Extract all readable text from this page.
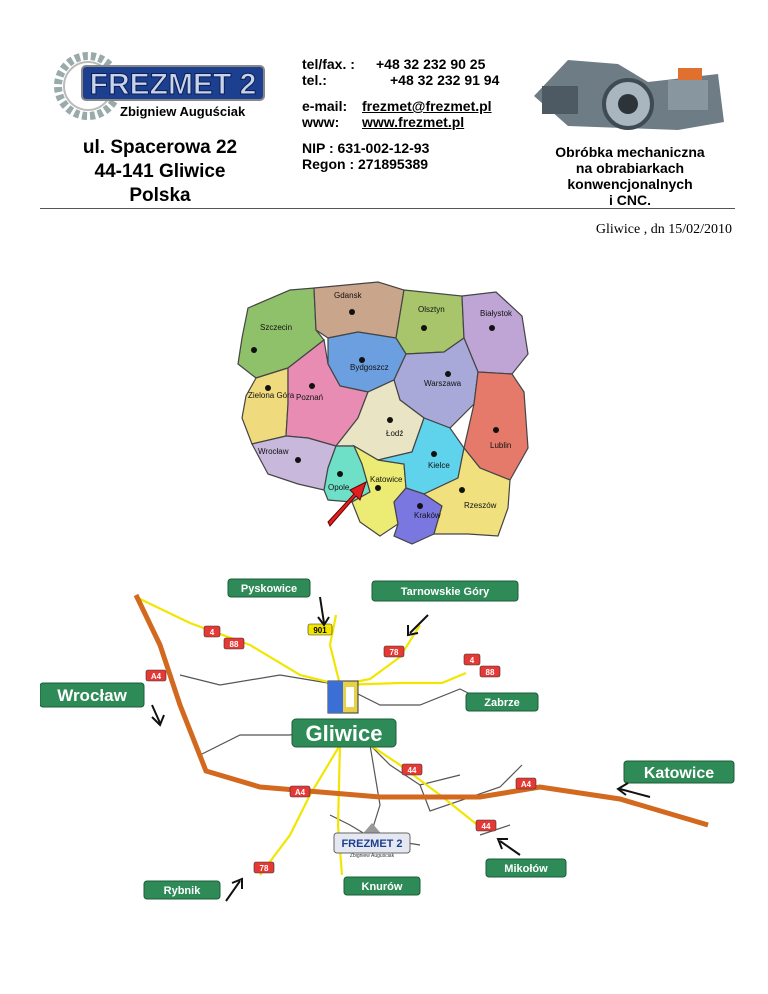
FREZMET 2
Zbigniew Auguściak
ul. Spacerowa 22
44-141 Gliwice
Polska
tel/fax. : +48 32 232 90 25
tel.:	+48 32 232 91 94
e-mail: frezmet@frezmet.pl
www: www.frezmet.pl
NIP : 631-002-12-93
Regon : 271895389
Obróbka mechaniczna
na obrabiarkach
konwencjonalnych
i CNC.
Gliwice , dn 15/02/2010
Gdansk
Olsztyn	Białystok
Szczecin
Bydgoszcz
Zielona Góra Poznań
Warszawa
Łodź
Lublin
Wrocław
Opole
Katowice
Kielce
Kraków
Rzeszów
4
88
901
78
4
88
A4
44
A4
A4
44
78
Pyskowice	Tarnowskie Góry
Wrocław	Zabrze
Katowice
Mikołów
Rybnik	Knurów
Gliwice
FREZMET 2
Zbigniew Auguściak
